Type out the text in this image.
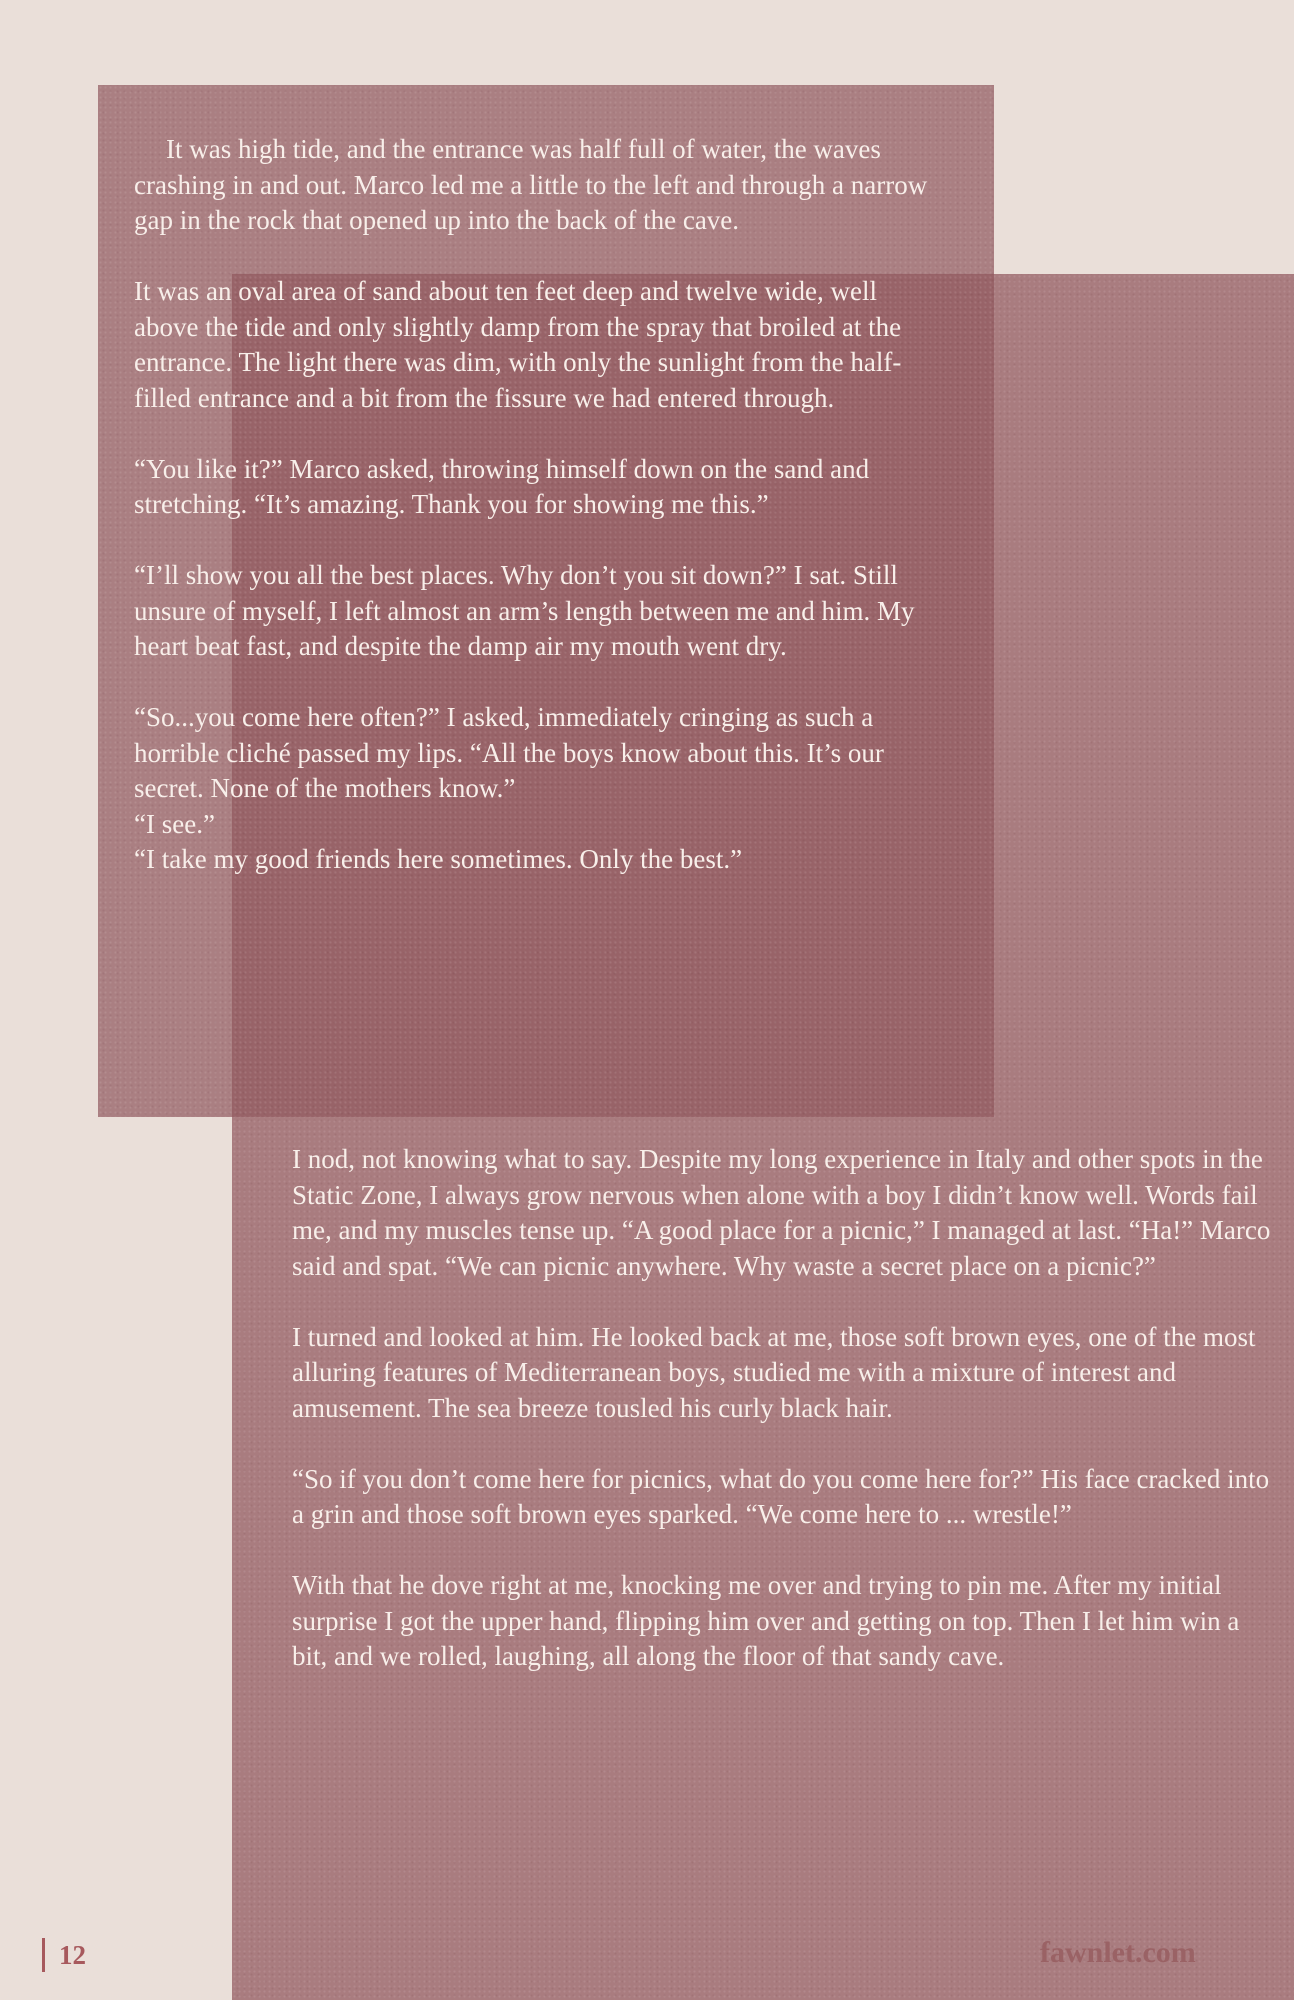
It was high tide, and the entrance was half full of water, the waves crashing in and out. Marco led me a little to the left and through a narrow gap in the rock that opened up into the back of the cave.

It was an oval area of sand about ten feet deep and twelve wide, well above the tide and only slightly damp from the spray that broiled at the entrance. The light there was dim, with only the sunlight from the half-filled entrance and a bit from the fissure we had entered through.

“You like it?” Marco asked, throwing himself down on the sand and stretching. “It’s amazing. Thank you for showing me this.”

“I’ll show you all the best places. Why don’t you sit down?” I sat. Still unsure of myself, I left almost an arm’s length between me and him. My heart beat fast, and despite the damp air my mouth went dry.

“So...you come here often?” I asked, immediately cringing as such a horrible cliché passed my lips. “All the boys know about this. It’s our secret. None of the mothers know.”

“I see.”

“I take my good friends here sometimes. Only the best.”

I nod, not knowing what to say. Despite my long experience in Italy and other spots in the Static Zone, I always grow nervous when alone with a boy I didn’t know well. Words fail me, and my muscles tense up. “A good place for a picnic,” I managed at last. “Ha!” Marco said and spat. “We can picnic anywhere. Why waste a secret place on a picnic?”

I turned and looked at him. He looked back at me, those soft brown eyes, one of the most alluring features of Mediterranean boys, studied me with a mixture of interest and amusement. The sea breeze tousled his curly black hair.

“So if you don’t come here for picnics, what do you come here for?” His face cracked into a grin and those soft brown eyes sparked. “We come here to ... wrestle!”

With that he dove right at me, knocking me over and trying to pin me. After my initial surprise I got the upper hand, flipping him over and getting on top. Then I let him win a bit, and we rolled, laughing, all along the floor of that sandy cave.

12	fawnlet.com
